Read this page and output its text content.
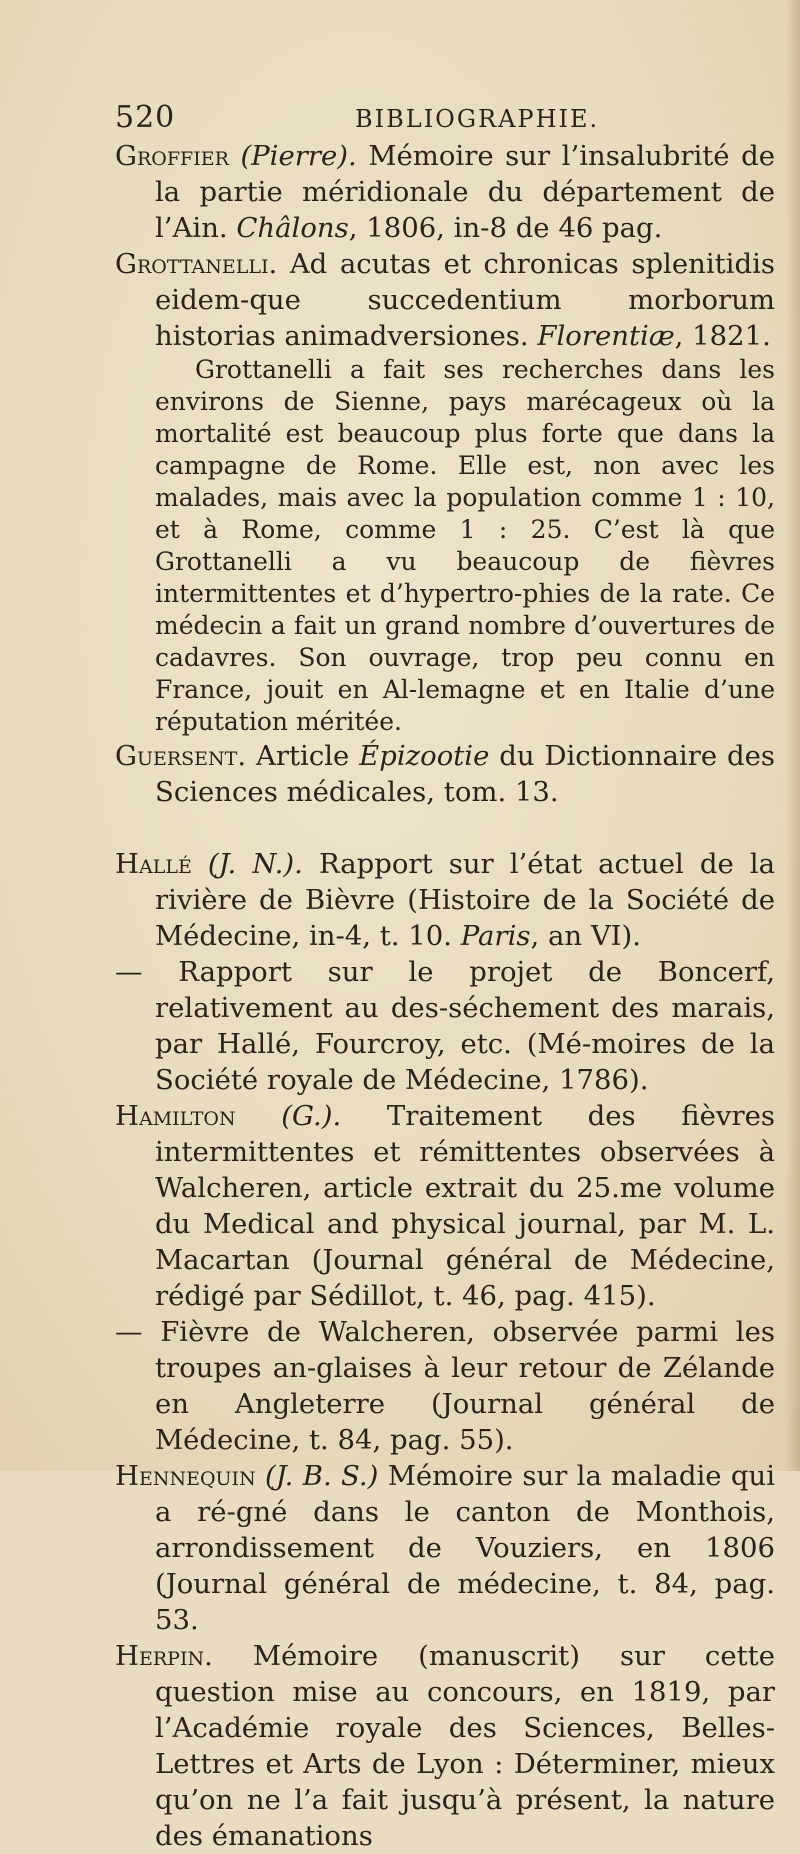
520	BIBLIOGRAPHIE.

Groffier (Pierre). Mémoire sur l’insalubrité de la partie méridionale du département de l’Ain. Châlons, 1806, in-8 de 46 pag.

Grottanelli. Ad acutas et chronicas splenitidis eidem-que succedentium morborum historias animadversiones. Florentiæ, 1821.

Grottanelli a fait ses recherches dans les environs de Sienne, pays marécageux où la mortalité est beaucoup plus forte que dans la campagne de Rome. Elle est, non avec les malades, mais avec la population comme 1 : 10, et à Rome, comme 1 : 25. C’est là que Grottanelli a vu beaucoup de fièvres intermittentes et d’hypertro-phies de la rate. Ce médecin a fait un grand nombre d’ouvertures de cadavres. Son ouvrage, trop peu connu en France, jouit en Al-lemagne et en Italie d’une réputation méritée.

Guersent. Article Épizootie du Dictionnaire des Sciences médicales, tom. 13.

Hallé (J. N.). Rapport sur l’état actuel de la rivière de Bièvre (Histoire de la Société de Médecine, in-4, t. 10. Paris, an VI).

— Rapport sur le projet de Boncerf, relativement au des-séchement des marais, par Hallé, Fourcroy, etc. (Mé-moires de la Société royale de Médecine, 1786).

Hamilton (G.). Traitement des fièvres intermittentes et rémittentes observées à Walcheren, article extrait du 25.me volume du Medical and physical journal, par M. L. Macartan (Journal général de Médecine, rédigé par Sédillot, t. 46, pag. 415).

— Fièvre de Walcheren, observée parmi les troupes an-glaises à leur retour de Zélande en Angleterre (Journal général de Médecine, t. 84, pag. 55).

Hennequin (J. B. S.) Mémoire sur la maladie qui a ré-gné dans le canton de Monthois, arrondissement de Vouziers, en 1806 (Journal général de médecine, t. 84, pag. 53.

Herpin. Mémoire (manuscrit) sur cette question mise au concours, en 1819, par l’Académie royale des Sciences, Belles-Lettres et Arts de Lyon : Déterminer, mieux qu’on ne l’a fait jusqu’à présent, la nature des émanations
